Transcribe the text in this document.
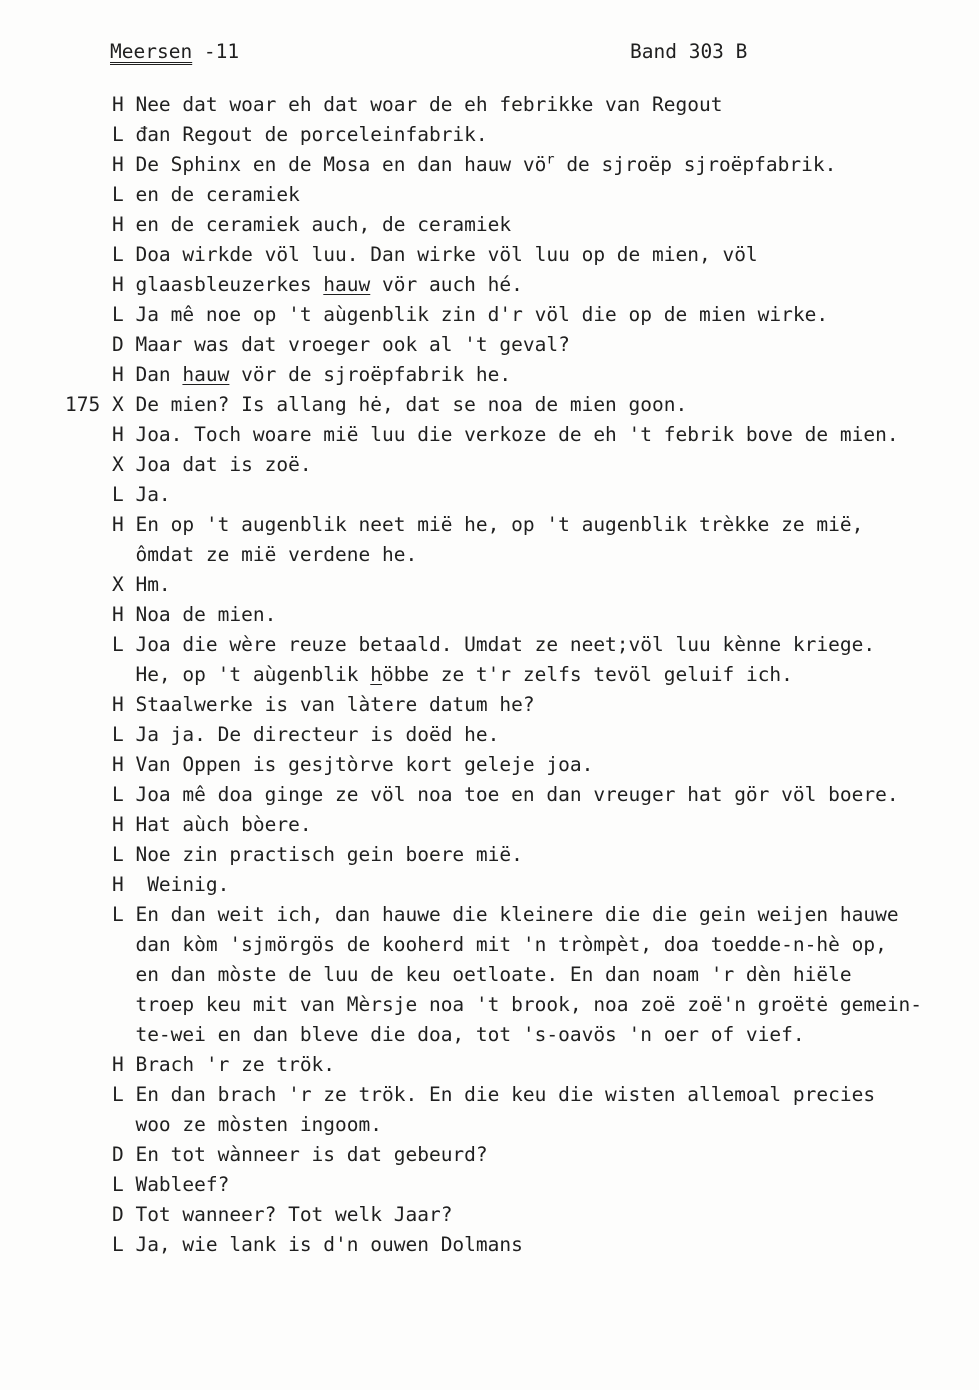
Meersen -11	Band 303 B
H Nee dat woar eh dat woar de eh febrikke van Regout
L đan Regout de porceleinfabrik.
H De Sphinx en de Mosa en dan hauw $vö^r$ de sjroëp sjroëpfabrik.
L en de ceramiek
H en de ceramiek auch, de ceramiek
L Doa wirkde völ luu. Dan wirke völ luu op de mien, völ
H glaasbleuzerkes hauw vör auch hé.
L Ja mê noe op 't aùgenblik zin d'r völ die op de mien wirke.
D Maar was dat vroeger ook al 't geval?
H Dan hauw vör de sjroëpfabrik he.
175 X De mien? Is allang hė, dat se noa de mien goon.
H Joa. Toch woare mië luu die verkoze de eh 't febrik bove de mien.
X Joa dat is zoë.
L Ja.
H En op 't augenblik neet mië he, op 't augenblik trèkke ze mië,
ômdat ze mië verdene he.
X Hm.
H Noa de mien.
L Joa die wère reuze betaald. Umdat ze neet;völ luu kènne kriege.
He, op 't aùgenblik höbbe ze t'r zelfs tevöl geluif ich.
H Staalwerke is van làtere datum he?
L Ja ja. De directeur is doëd he.
H Van Oppen is gesjtòrve kort geleje joa.
L Joa mê doa ginge ze völ noa toe en dan vreuger hat gör völ boere.
H Hat aùch bòere.
L Noe zin practisch gein boere mië.
H  Weinig.
L En dan weit ich, dan hauwe die kleinere die die gein weijen hauwe
dan kòm 'sjmörgös de kooherd mit 'n tròmpèt, doa toedde-n-hè op,
en dan mòste de luu de keu oetloate. En dan noam 'r dèn hiële
troep keu mit van Mèrsje noa 't brook, noa zoë zoë'n groëtė gemein-
te-wei en dan bleve die doa, tot 's-oavös 'n oer of vief.
H Brach 'r ze trök.
L En dan brach 'r ze trök. En die keu die wisten allemoal precies
woo ze mòsten ingoom.
D En tot wànneer is dat gebeurd?
L Wableef?
D Tot wanneer? Tot welk Jaar?
L Ja, wie lank is d'n ouwen Dolmans
